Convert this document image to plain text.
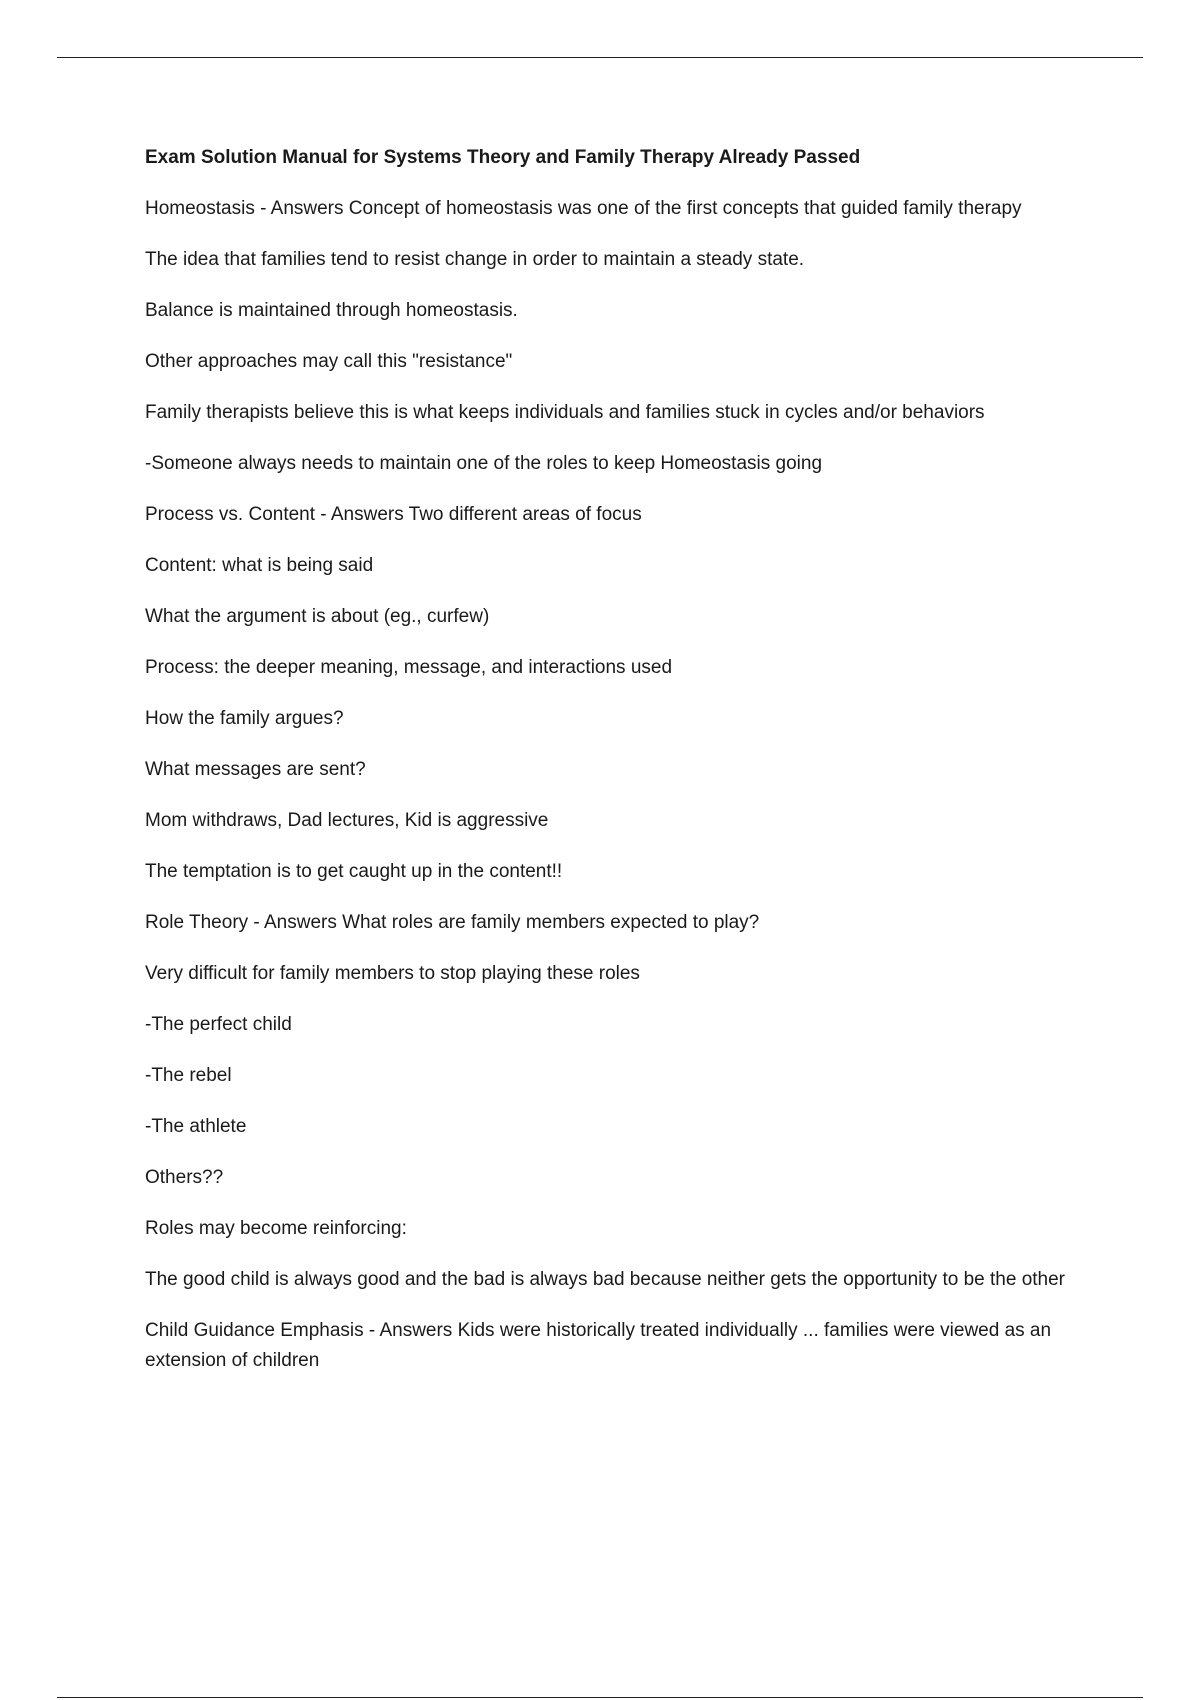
Exam Solution Manual for Systems Theory and Family Therapy Already Passed

Homeostasis - Answers Concept of homeostasis was one of the first concepts that guided family therapy

The idea that families tend to resist change in order to maintain a steady state.

Balance is maintained through homeostasis.

Other approaches may call this "resistance"

Family therapists believe this is what keeps individuals and families stuck in cycles and/or behaviors

-Someone always needs to maintain one of the roles to keep Homeostasis going

Process vs. Content - Answers Two different areas of focus

Content: what is being said

What the argument is about (eg., curfew)

Process: the deeper meaning, message, and interactions used

How the family argues?

What messages are sent?

Mom withdraws, Dad lectures, Kid is aggressive

The temptation is to get caught up in the content!!

Role Theory - Answers What roles are family members expected to play?

Very difficult for family members to stop playing these roles

-The perfect child

-The rebel

-The athlete

Others??

Roles may become reinforcing:

The good child is always good and the bad is always bad because neither gets the opportunity to be the other

Child Guidance Emphasis - Answers Kids were historically treated individually ... families were viewed as an extension of children
